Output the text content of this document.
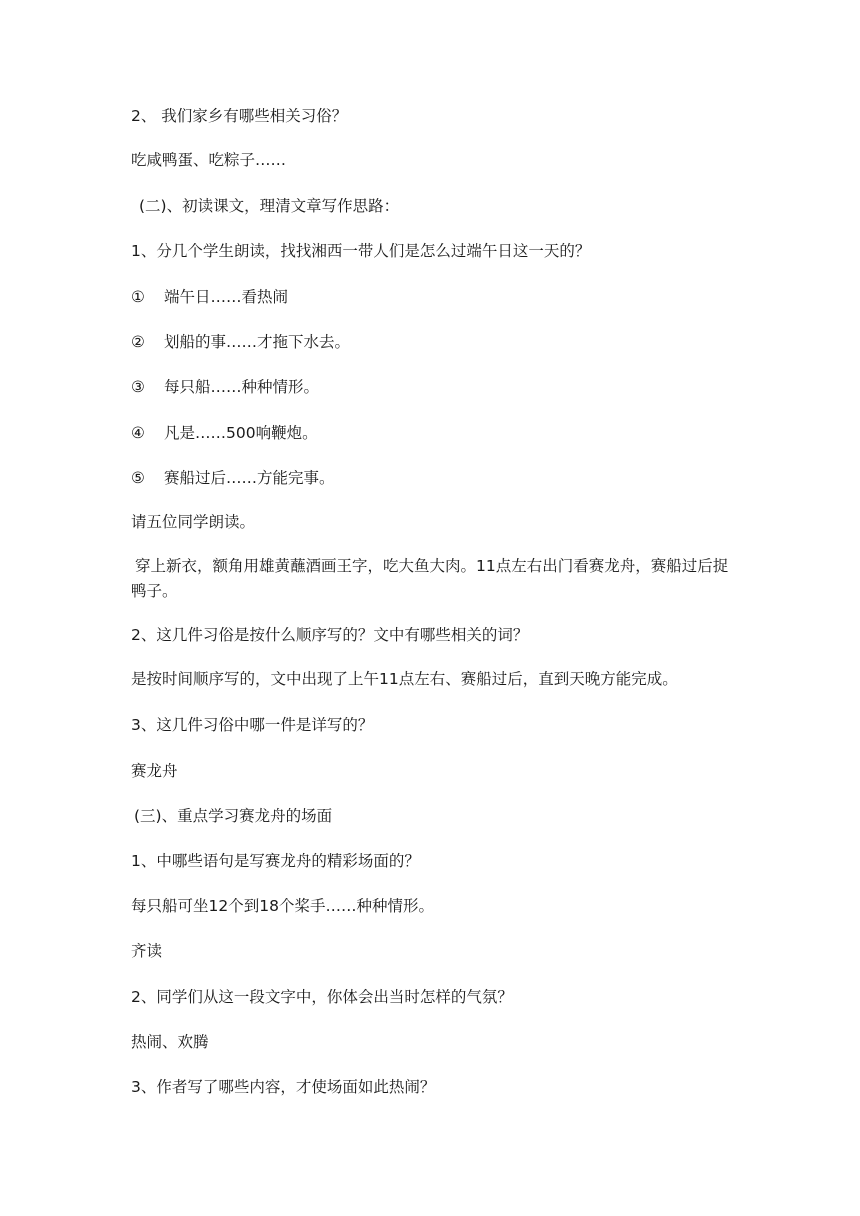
2、 我们家乡有哪些相关习俗？
吃咸鸭蛋、吃粽子……
(二)、初读课文，理清文章写作思路：
1、分几个学生朗读，找找湘西一带人们是怎么过端午日这一天的？
① 端午日……看热闹
② 划船的事……才拖下水去。
③ 每只船……种种情形。
④ 凡是……500响鞭炮。
⑤ 赛船过后……方能完事。
请五位同学朗读。
穿上新衣，额角用雄黄蘸酒画王字，吃大鱼大肉。11点左右出门看赛龙舟，赛船过后捉鸭子。
2、这几件习俗是按什么顺序写的？文中有哪些相关的词？
是按时间顺序写的，文中出现了上午11点左右、赛船过后，直到天晚方能完成。
3、这几件习俗中哪一件是详写的？
赛龙舟
(三)、重点学习赛龙舟的场面
1、中哪些语句是写赛龙舟的精彩场面的？
每只船可坐12个到18个桨手……种种情形。
齐读
2、同学们从这一段文字中，你体会出当时怎样的气氛？
热闹、欢腾
3、作者写了哪些内容，才使场面如此热闹？
